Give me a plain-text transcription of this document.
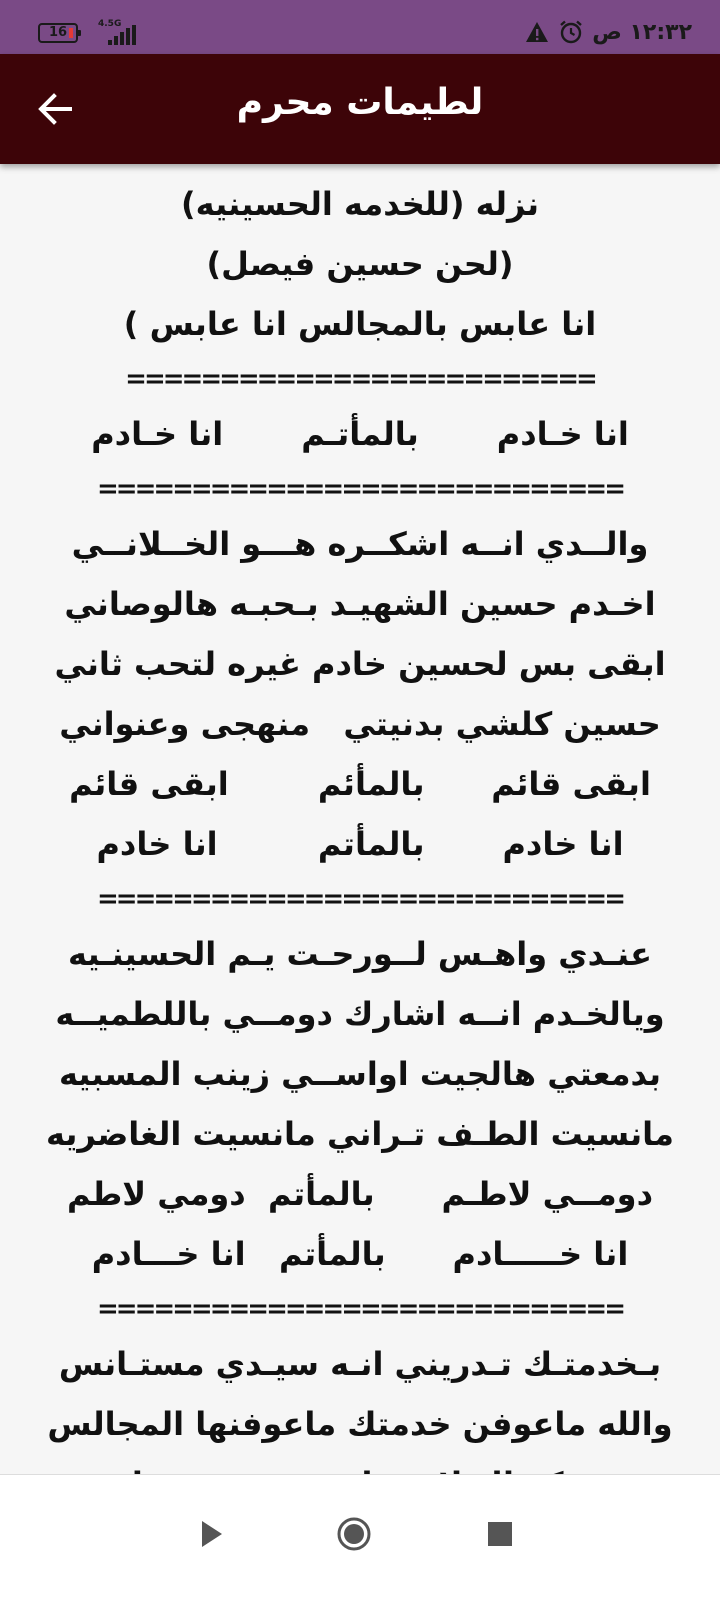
16
4.5G	١٢:٣٢ ص
لطيمات محرم
نزله (للخدمه الحسينيه)
(لحن حسين فيصل)
انا عابس بالمجالس انا عابس )
=========================
انا خـادم       بالمأتـم       انا خـادم
============================
والــدي انــه اشكــره هـــو الخــلانــي
اخـدم حسين الشهيـد بـحبـه هالوصاني
ابقى بس لحسين خادم غيره لتحب ثاني
حسين كلشي بدنيتي   منهجى وعنواني
ابقى قائم      بالمأئم        ابقى قائم
انا خادم       بالمأتم         انا خادم
============================
عنـدي واهـس لــورحـت يـم الحسينـيه
ويالخـدم انــه اشارك دومــي باللطميــه
بدمعتي هالجيت اواســي زينب المسبيه
مانسيت الطـف تـراني مانسيت الغاضريه
دومــي لاطـم      بالمأتم  دومي لاطم
انا خـــــادم      بالمأتم   انا خـــادم
============================
بـخدمتـك تـدريني انـه سيـدي مستـانس
والله ماعوفن خدمتك ماعوفنها المجالس
